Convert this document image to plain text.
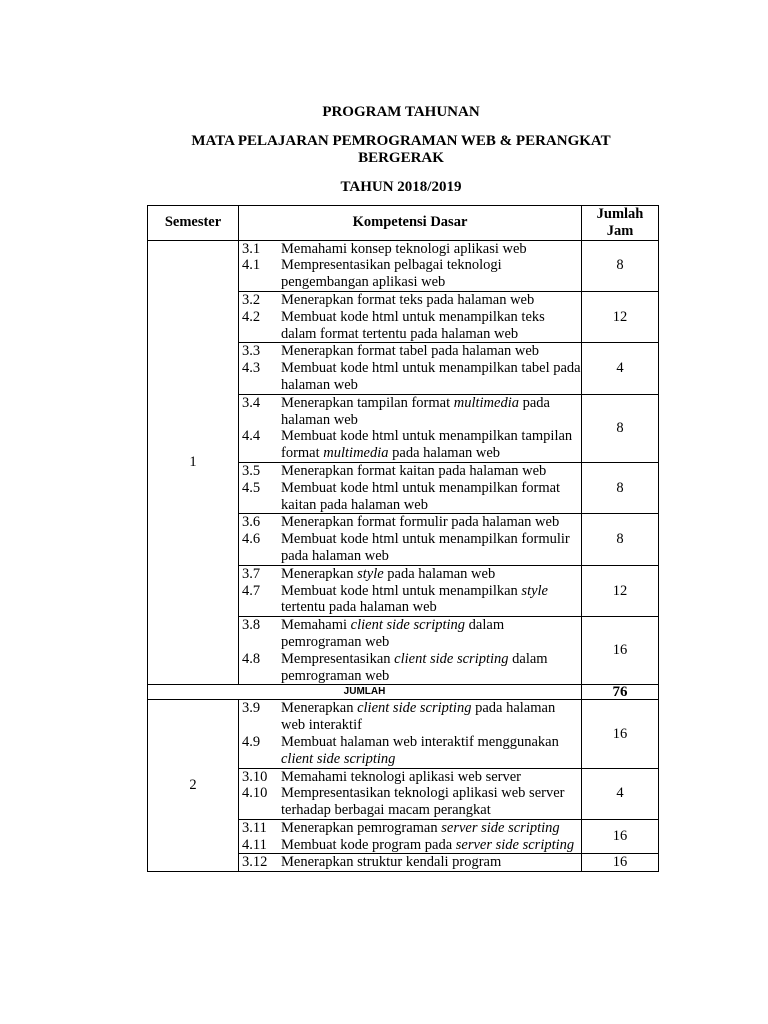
PROGRAM TAHUNAN
MATA PELAJARAN PEMROGRAMAN WEB & PERANGKAT
BERGERAK
TAHUN 2018/2019
Semester	Kompetensi Dasar	Jumlah
Jam

1	3.1 Memahami konsep teknologi aplikasi web
4.1 Mempresentasikan pelbagai teknologi pengembangan aplikasi web	8

	3.2 Menerapkan format teks pada halaman web
4.2 Membuat kode html untuk menampilkan teks dalam format tertentu pada halaman web	12

	3.3 Menerapkan format tabel pada halaman web
4.3 Membuat kode html untuk menampilkan tabel pada halaman web	4

	3.4 Menerapkan tampilan format multimedia pada halaman web
4.4 Membuat kode html untuk menampilkan tampilan format multimedia pada halaman web	8

	3.5 Menerapkan format kaitan pada halaman web
4.5 Membuat kode html untuk menampilkan format kaitan pada halaman web	8

	3.6 Menerapkan format formulir pada halaman web
4.6 Membuat kode html untuk menampilkan formulir pada halaman web	8

	3.7 Menerapkan style pada halaman web
4.7 Membuat kode html untuk menampilkan style tertentu pada halaman web	12

	3.8 Memahami client side scripting dalam pemrograman web
4.8 Mempresentasikan client side scripting dalam pemrograman web	16
JUMLAH		76
2	3.9 Menerapkan client side scripting pada halaman web interaktif
4.9 Membuat halaman web interaktif menggunakan client side scripting	16

	3.10 Memahami teknologi aplikasi web server
4.10 Mempresentasikan teknologi aplikasi web server terhadap berbagai macam perangkat	4

	3.11 Menerapkan pemrograman server side scripting
4.11 Membuat kode program pada server side scripting	16

	3.12 Menerapkan struktur kendali program	16
